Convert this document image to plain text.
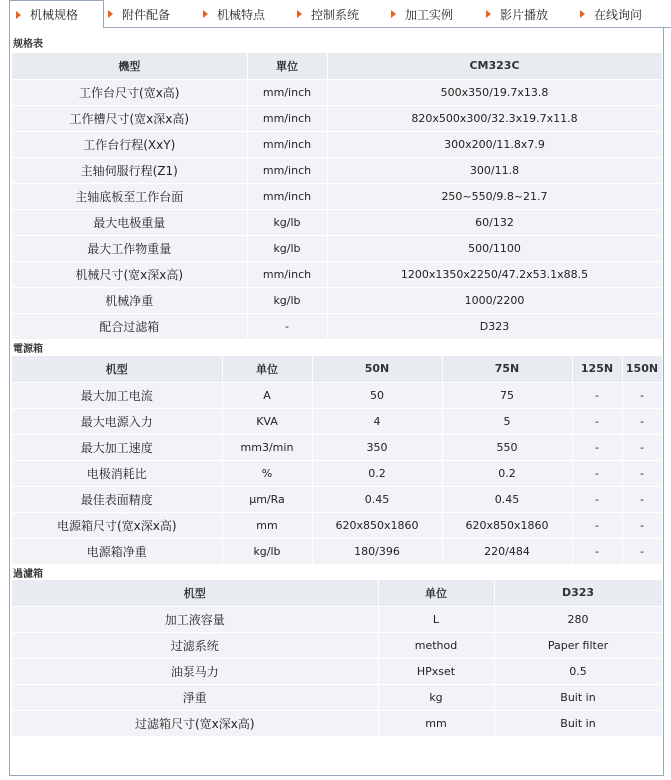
机械规格	附件配备	机械特点	控制系统	加工实例	影片播放	在线询问
规格表
機型	單位	CM323C
工作台尺寸(宽x高)	mm/inch	500x350/19.7x13.8
工作槽尺寸(宽x深x高)	mm/inch	820x500x300/32.3x19.7x11.8
工作台行程(XxY)	mm/inch	300x200/11.8x7.9
主轴伺服行程(Z1)	mm/inch	300/11.8
主轴底板至工作台面	mm/inch	250~550/9.8~21.7
最大电极重量	kg/lb	60/132
最大工作物重量	kg/lb	500/1100
机械尺寸(宽x深x高)	mm/inch	1200x1350x2250/47.2x53.1x88.5
机械净重	kg/lb	1000/2200
配合过滤箱	-	D323
電源箱
机型	单位	50N	75N	125N	150N
最大加工电流	A	50	75	-	-
最大电源入力	KVA	4	5	-	-
最大加工速度	mm3/min	350	550	-	-
电极消耗比	%	0.2	0.2	-	-
最佳表面精度	μm/Ra	0.45	0.45	-	-
电源箱尺寸(宽x深x高)	mm	620x850x1860	620x850x1860	-	-
电源箱净重	kg/lb	180/396	220/484	-	-
過濾箱
机型	单位	D323
加工液容量	L	280
过滤系统	method	Paper filter
油泵马力	HPxset	0.5
淨重	kg	Buit in
过滤箱尺寸(宽x深x高)	mm	Buit in
